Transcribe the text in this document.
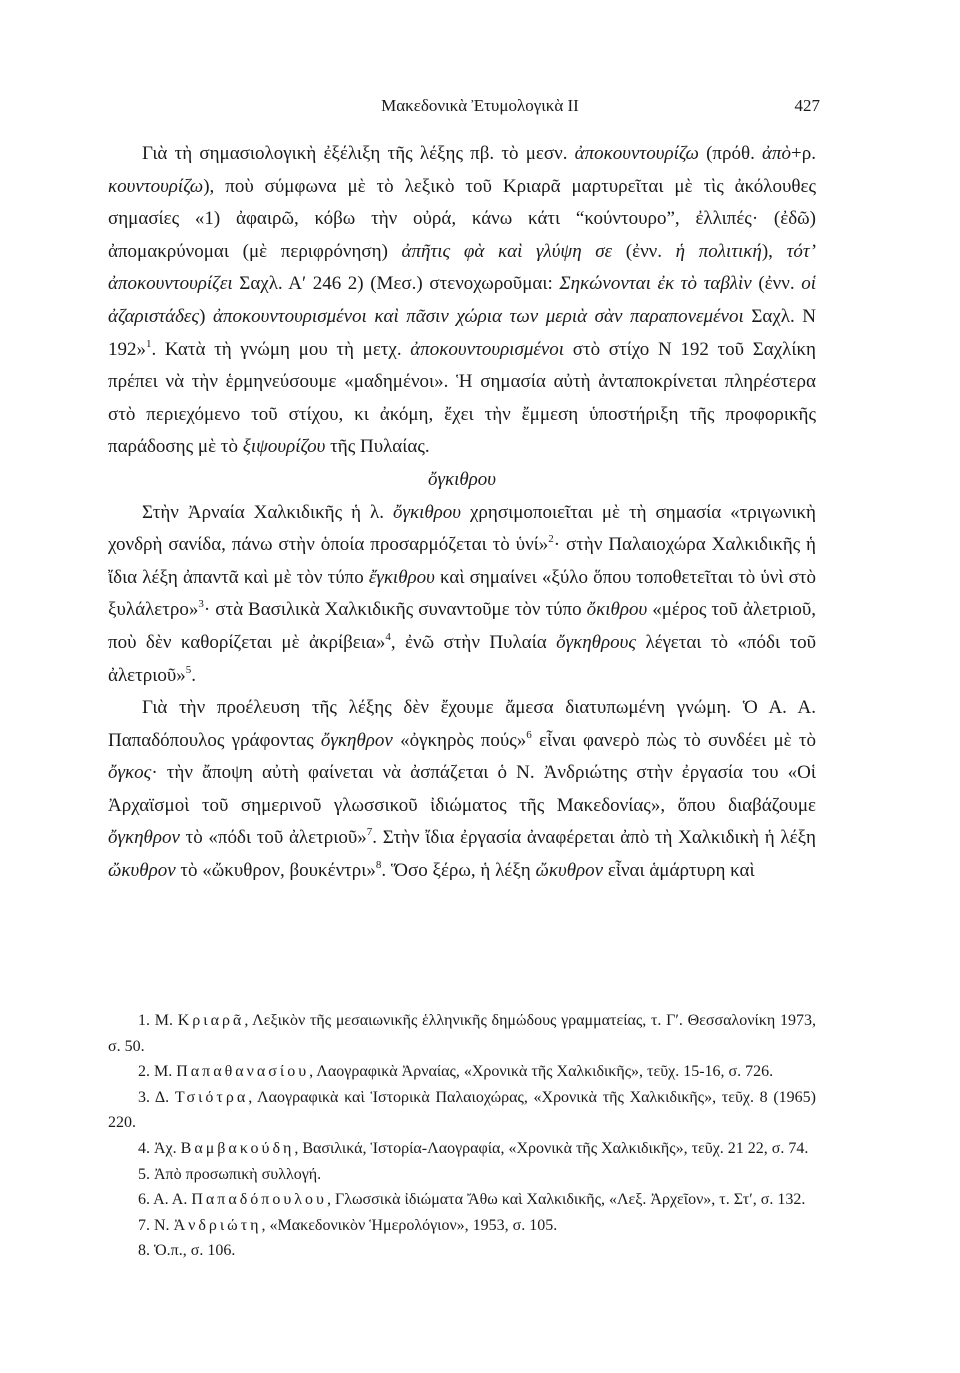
Μακεδονικὰ Ἐτυμολογικὰ ΙΙ	427

Γιὰ τὴ σημασιολογικὴ ἐξέλιξη τῆς λέξης πβ. τὸ μεσν. ἀποκουντουρίζω (πρόθ. ἀπὸ+ρ. κουντουρίζω), ποὺ σύμφωνα μὲ τὸ λεξικὸ τοῦ Κριαρᾶ μαρτυρεῖται μὲ τὶς ἀκόλουθες σημασίες «1) ἀφαιρῶ, κόβω τὴν οὐρά, κάνω κάτι “κούντουρο”, ἐλλιπές· (ἐδῶ) ἀπομακρύνομαι (μὲ περιφρόνηση) ἀπῆτις φὰ καὶ γλύψη σε (ἐνν. ἡ πολιτική), τότ’ ἀποκουντουρίζει Σαχλ. Α′ 246 2) (Μεσ.) στενοχωροῦμαι: Σηκώνονται ἐκ τὸ ταβλὶν (ἐνν. οἱ ἀζαριστάδες) ἀποκουντουρισμένοι καὶ πᾶσιν χώρια των μεριὰ σὰν παραπονεμένοι Σαχλ. Ν 192»$^1$. Κατὰ τὴ γνώμη μου τὴ μετχ. ἀποκουντουρισμένοι στὸ στίχο Ν 192 τοῦ Σαχλίκη πρέπει νὰ τὴν ἑρμηνεύσουμε «μαδημένοι». Ἡ σημασία αὐτὴ ἀνταποκρίνεται πληρέστερα στὸ περιεχόμενο τοῦ στίχου, κι ἀκόμη, ἔχει τὴν ἔμμεση ὑποστήριξη τῆς προφορικῆς παράδοσης μὲ τὸ ξιψουρίζου τῆς Πυλαίας.

ὄγκιθρου

Στὴν Ἀρναία Χαλκιδικῆς ἡ λ. ὄγκιθρου χρησιμοποιεῖται μὲ τὴ σημασία «τριγωνικὴ χονδρὴ σανίδα, πάνω στὴν ὁποία προσαρμόζεται τὸ ὑνί»$^2$· στὴν Παλαιοχώρα Χαλκιδικῆς ἡ ἴδια λέξη ἀπαντᾶ καὶ μὲ τὸν τύπο ἔγκιθρου καὶ σημαίνει «ξύλο ὅπου τοποθετεῖται τὸ ὑνὶ στὸ ξυλάλετρο»$^3$· στὰ Βασιλικὰ Χαλκιδικῆς συναντοῦμε τὸν τύπο ὄκιθρου «μέρος τοῦ ἀλετριοῦ, ποὺ δὲν καθορίζεται μὲ ἀκρίβεια»$^4$, ἐνῶ στὴν Πυλαία ὄγκηθρους λέγεται τὸ «πόδι τοῦ ἀλετριοῦ»$^5$.

Γιὰ τὴν προέλευση τῆς λέξης δὲν ἔχουμε ἄμεσα διατυπωμένη γνώμη. Ὁ Α. Α. Παπαδόπουλος γράφοντας ὄγκηθρον «ὀγκηρὸς πούς»$^6$ εἶναι φανερὸ πὼς τὸ συνδέει μὲ τὸ ὄγκος· τὴν ἄποψη αὐτὴ φαίνεται νὰ ἀσπάζεται ὁ Ν. Ἀνδριώτης στὴν ἐργασία του «Οἱ Ἀρχαϊσμοὶ τοῦ σημερινοῦ γλωσσικοῦ ἰδιώματος τῆς Μακεδονίας», ὅπου διαβάζουμε ὄγκηθρον τὸ «πόδι τοῦ ἀλετριοῦ»$^7$. Στὴν ἴδια ἐργασία ἀναφέρεται ἀπὸ τὴ Χαλκιδικὴ ἡ λέξη ὤκυθρον τὸ «ὤκυθρον, βουκέντρι»$^8$. Ὅσο ξέρω, ἡ λέξη ὤκυθρον εἶναι ἁμάρτυρη καὶ

1. Μ. Κριαρᾶ, Λεξικὸν τῆς μεσαιωνικῆς ἑλληνικῆς δημώδους γραμματείας, τ. Γ′. Θεσσαλονίκη 1973, σ. 50.

2. Μ. Παπαθανασίου, Λαογραφικὰ Ἀρναίας, «Χρονικὰ τῆς Χαλκιδικῆς», τεῦχ. 15-16, σ. 726.

3. Δ. Τσιότρα, Λαογραφικὰ καὶ Ἱστορικὰ Παλαιοχώρας, «Χρονικὰ τῆς Χαλκιδικῆς», τεῦχ. 8 (1965) 220.

4. Ἀχ. Βαμβακούδη, Βασιλικά, Ἱστορία-Λαογραφία, «Χρονικὰ τῆς Χαλκιδικῆς», τεῦχ. 21 22, σ. 74.

5. Ἀπὸ προσωπικὴ συλλογή.

6. Α. Α. Παπαδόπουλου, Γλωσσικὰ ἰδιώματα Ἄθω καὶ Χαλκιδικῆς, «Λεξ. Ἀρχεῖον», τ. Στ′, σ. 132.

7. Ν. Ἀνδριώτη, «Μακεδονικὸν Ἡμερολόγιον», 1953, σ. 105.

8. Ὁ.π., σ. 106.
